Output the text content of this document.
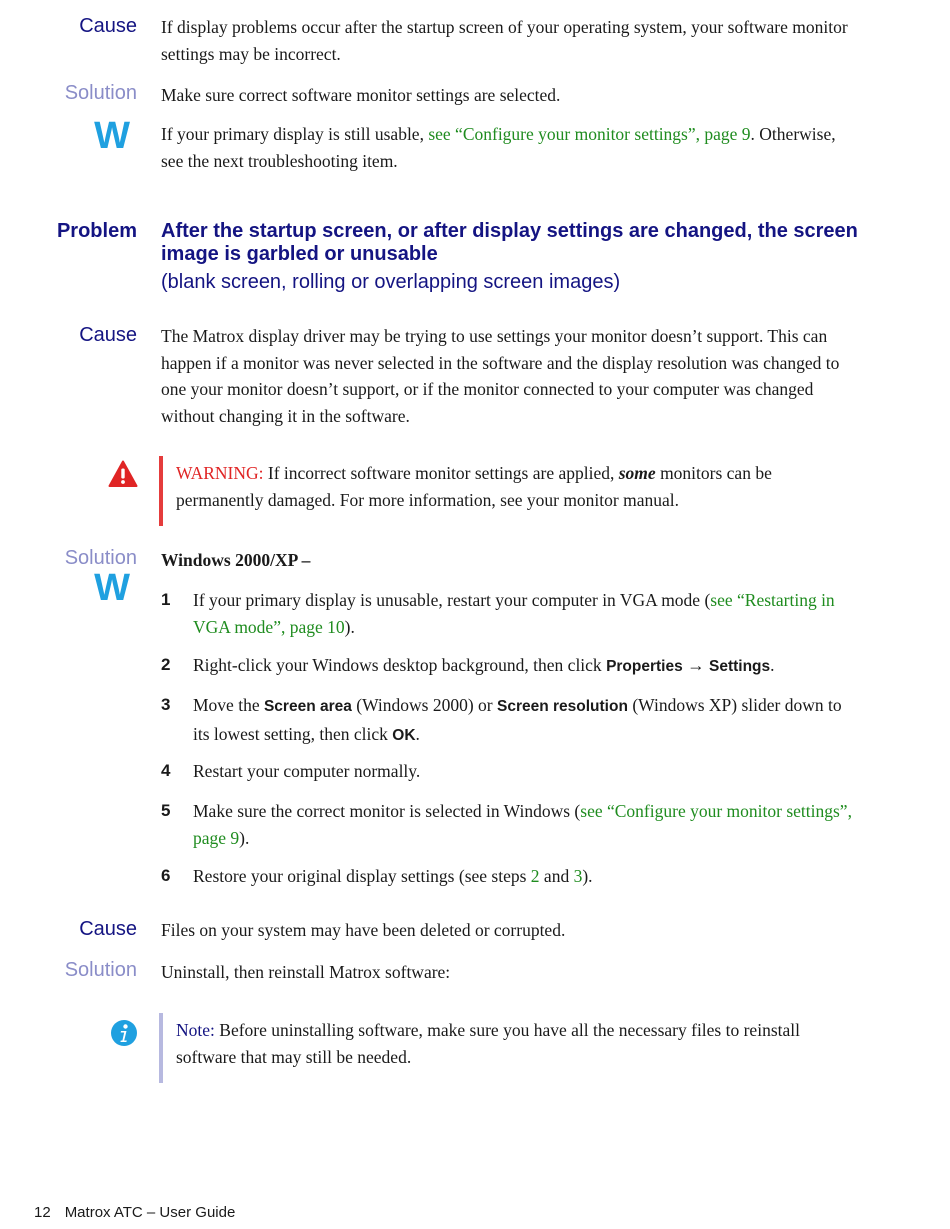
Cause If display problems occur after the startup screen of your operating system, your software monitor settings may be incorrect.
Solution Make sure correct software monitor settings are selected.
W If your primary display is still usable, see “Configure your monitor settings”, page 9. Otherwise, see the next troubleshooting item.
Problem After the startup screen, or after display settings are changed, the screen image is garbled or unusable
(blank screen, rolling or overlapping screen images)
Cause The Matrox display driver may be trying to use settings your monitor doesn’t support. This can happen if a monitor was never selected in the software and the display resolution was changed to one your monitor doesn’t support, or if the monitor connected to your computer was changed without changing it in the software.
WARNING: If incorrect software monitor settings are applied, some monitors can be permanently damaged. For more information, see your monitor manual.
Solution
W
Windows 2000/XP –
1 If your primary display is unusable, restart your computer in VGA mode (see “Restarting in VGA mode”, page 10).
2 Right-click your Windows desktop background, then click Properties → Settings.
3 Move the Screen area (Windows 2000) or Screen resolution (Windows XP) slider down to its lowest setting, then click OK.
4 Restart your computer normally.
5 Make sure the correct monitor is selected in Windows (see “Configure your monitor settings”, page 9).
6 Restore your original display settings (see steps 2 and 3).
Cause Files on your system may have been deleted or corrupted.
Solution Uninstall, then reinstall Matrox software:
Note: Before uninstalling software, make sure you have all the necessary files to reinstall software that may still be needed.
12 Matrox ATC – User Guide
